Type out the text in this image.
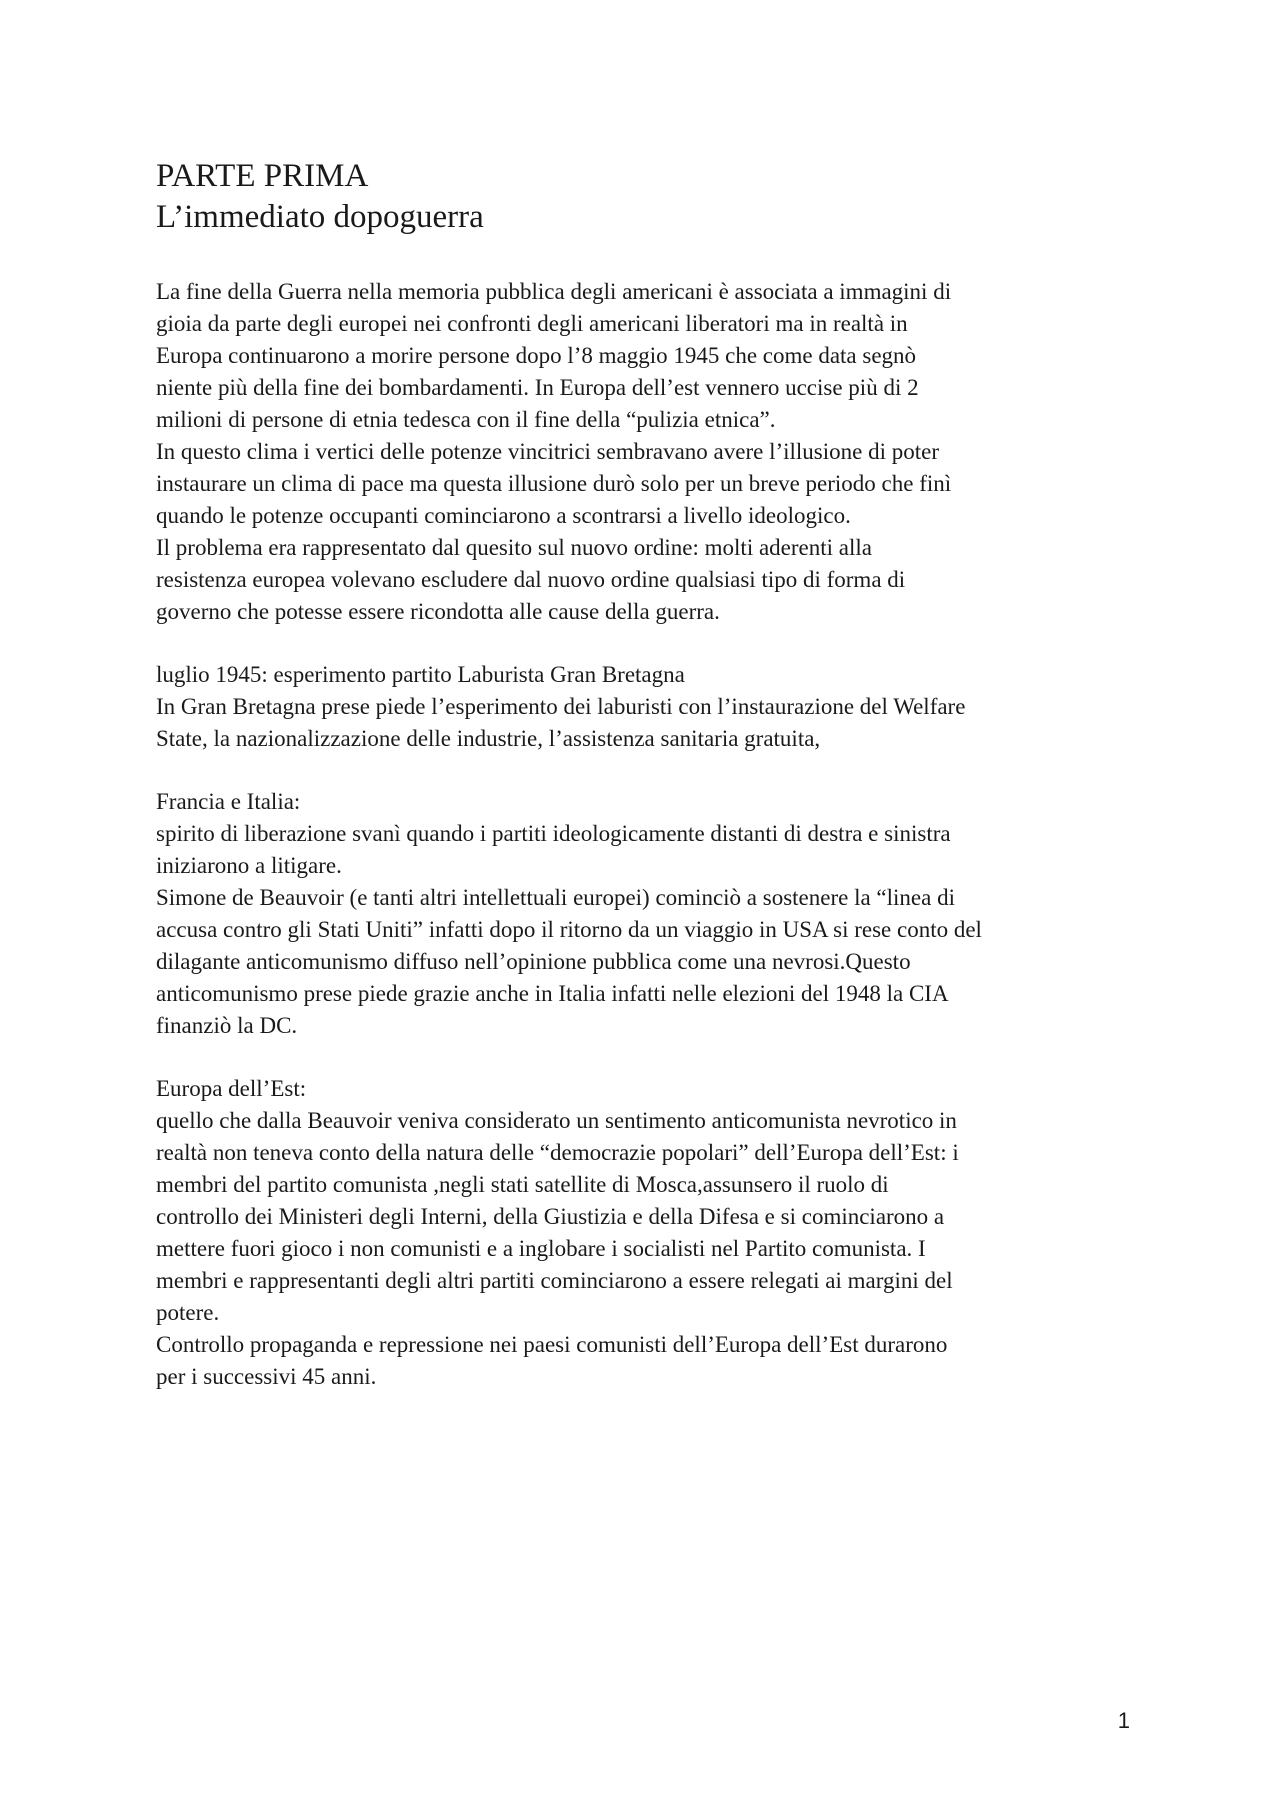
PARTE PRIMA

L’immediato dopoguerra

La fine della Guerra nella memoria pubblica degli americani è associata a immagini di

gioia da parte degli europei nei confronti degli americani liberatori ma in realtà in

Europa continuarono a morire persone dopo l’8 maggio 1945 che come data segnò

niente più della fine dei bombardamenti. In Europa dell’est vennero uccise più di 2

milioni di persone di etnia tedesca con il fine della “pulizia etnica”.

In questo clima i vertici delle potenze vincitrici sembravano avere l’illusione di poter

instaurare un clima di pace ma questa illusione durò solo per un breve periodo che finì

quando le potenze occupanti cominciarono a scontrarsi a livello ideologico.

Il problema era rappresentato dal quesito sul nuovo ordine: molti aderenti alla

resistenza europea volevano escludere dal nuovo ordine qualsiasi tipo di forma di

governo che potesse essere ricondotta alle cause della guerra.

luglio 1945: esperimento partito Laburista Gran Bretagna

In Gran Bretagna prese piede l’esperimento dei laburisti con l’instaurazione del Welfare

State, la nazionalizzazione delle industrie, l’assistenza sanitaria gratuita,

Francia e Italia:

spirito di liberazione svanì quando i partiti ideologicamente distanti di destra e sinistra

iniziarono a litigare.

Simone de Beauvoir (e tanti altri intellettuali europei) cominciò a sostenere la “linea di

accusa contro gli Stati Uniti” infatti dopo il ritorno da un viaggio in USA si rese conto del

dilagante anticomunismo diffuso nell’opinione pubblica come una nevrosi.Questo

anticomunismo prese piede grazie anche in Italia infatti nelle elezioni del 1948 la CIA

finanziò la DC.

Europa dell’Est:

quello che dalla Beauvoir veniva considerato un sentimento anticomunista nevrotico in

realtà non teneva conto della natura delle “democrazie popolari” dell’Europa dell’Est: i

membri del partito comunista ,negli stati satellite di Mosca,assunsero il ruolo di

controllo dei Ministeri degli Interni, della Giustizia e della Difesa e si cominciarono a

mettere fuori gioco i non comunisti e a inglobare i socialisti nel Partito comunista. I

membri e rappresentanti degli altri partiti cominciarono a essere relegati ai margini del

potere.

Controllo propaganda e repressione nei paesi comunisti dell’Europa dell’Est durarono

per i successivi 45 anni.

1
